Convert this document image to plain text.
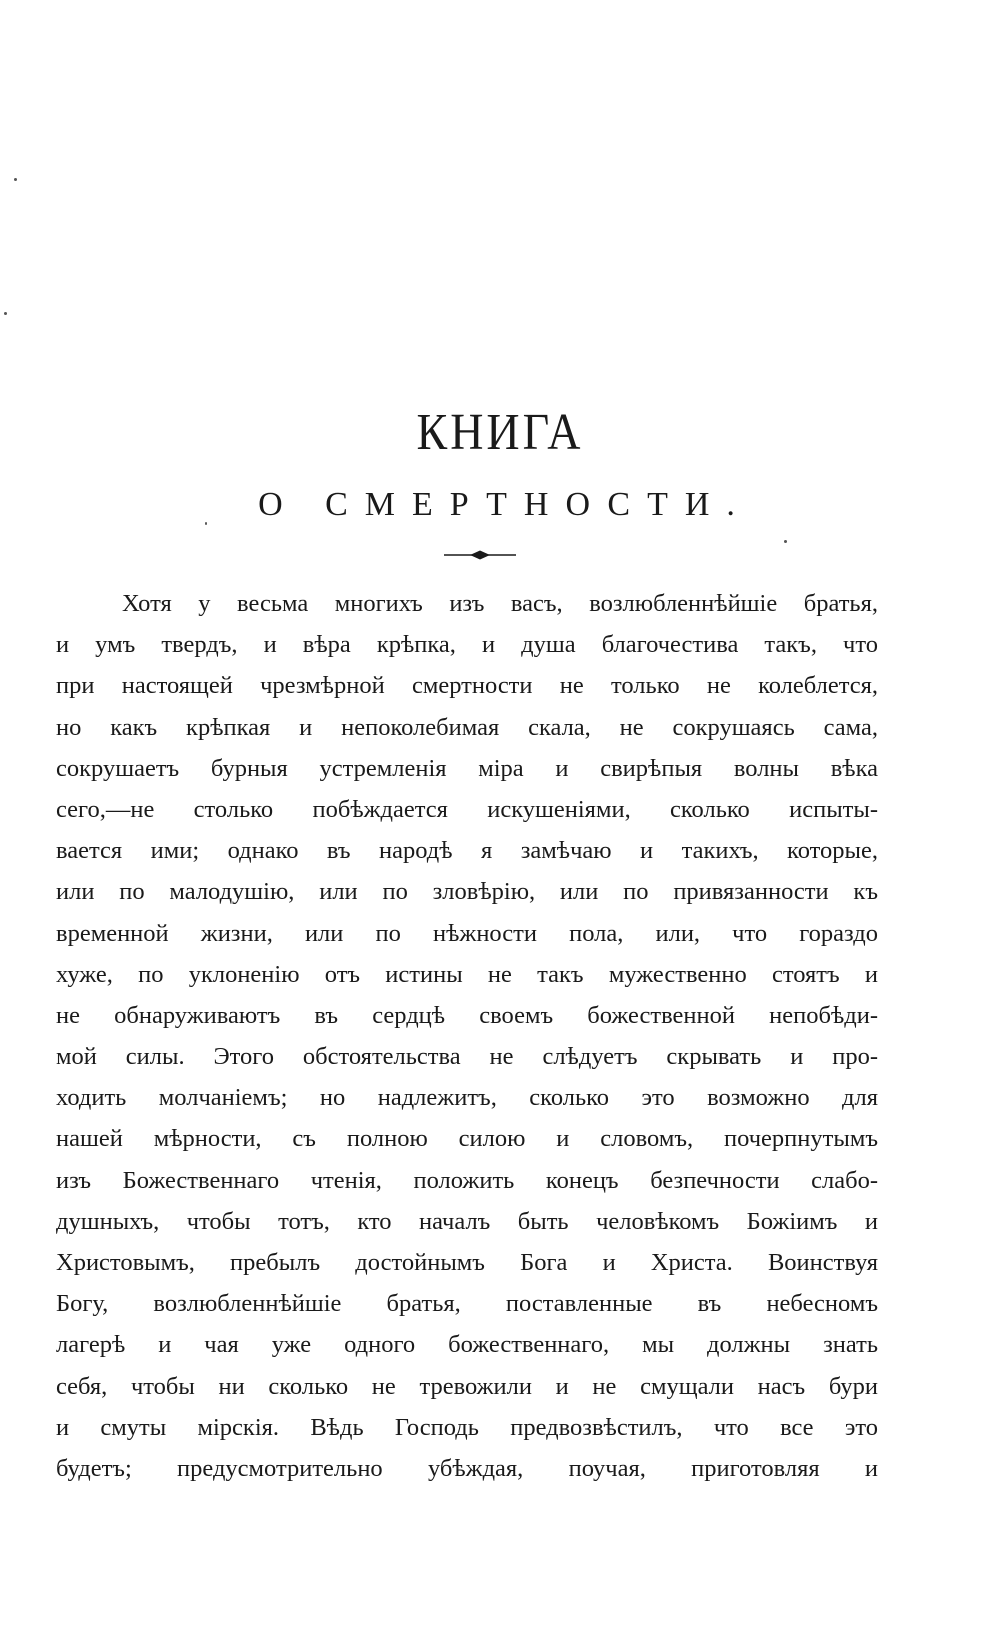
КНИГА
О СМЕРТНОСТИ.
Хотя у весьма многихъ изъ васъ, возлюбленнѣйшіе братья,
и умъ твердъ, и вѣра крѣпка, и душа благочестива такъ, что
при настоящей чрезмѣрной смертности не только не колеблется,
но какъ крѣпкая и непоколебимая скала, не сокрушаясь сама,
сокрушаетъ бурныя устремленія міра и свирѣпыя волны вѣка
сего,—не столько побѣждается искушеніями, сколько испыты-
вается ими; однако въ народѣ я замѣчаю и такихъ, которые,
или по малодушію, или по зловѣрію, или по привязанности къ
временной жизни, или по нѣжности пола, или, что гораздо
хуже, по уклоненію отъ истины не такъ мужественно стоятъ и
не обнаруживаютъ въ сердцѣ своемъ божественной непобѣди-
мой силы. Этого обстоятельства не слѣдуетъ скрывать и про-
ходить молчаніемъ; но надлежитъ, сколько это возможно для
нашей мѣрности, съ полною силою и словомъ, почерпнутымъ
изъ Божественнаго чтенія, положить конецъ безпечности слабо-
душныхъ, чтобы тотъ, кто началъ быть человѣкомъ Божіимъ и
Христовымъ, пребылъ достойнымъ Бога и Христа. Воинствуя
Богу, возлюбленнѣйшіе братья, поставленные въ небесномъ
лагерѣ и чая уже одного божественнаго, мы должны знать
себя, чтобы ни сколько не тревожили и не смущали насъ бури
и смуты мірскія. Вѣдь Господь предвозвѣстилъ, что все это
будетъ; предусмотрительно убѣждая, поучая, приготовляя и
